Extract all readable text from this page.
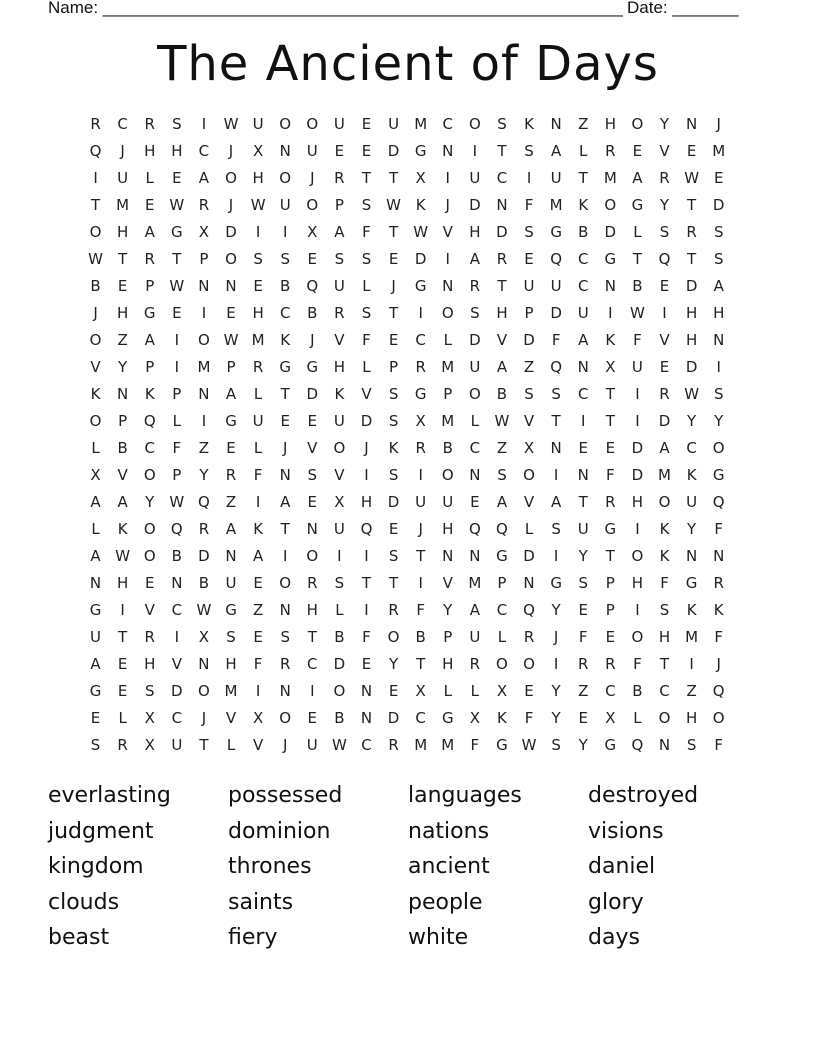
Name: _______________________________________________________ Date: _______
The Ancient of Days
R	C	R	S	I	W U	O	O	U	E	U	M	C	O	S	K	N	Z	H	O	Y	N	J
Q	J	H	H	C	J	X	N	U	E	E	D	G	N	I	T	S	A	L	R	E	V	E	M
I	U	L	E	A	O	H	O	J	R	T	T	X	I	U	C	I	U	T	M	A	R W E
T	M	E W R	J	W U	O	P	S W K	J	D	N	F	M	K	O	G	Y	T	D
O	H	A	G	X	D	I	I	X	A	F	T	W V	H	D	S	G	B	D	L	S	R	S
W	T	R	T	P	O	S	S	E	S	S	E	D	I	A	R	E	Q	C	G	T	Q	T	S
B	E	P	W N	N	E	B	Q	U	L	J	G	N	R	T	U	U	C	N	B	E	D	A
J	H	G	E	I	E	H	C	B	R	S	T	I	O	S	H	P	D	U	I	W	I	H	H
O	Z	A	I	O W M	K	J	V	F	E	C	L	D	V	D	F	A	K	F	V	H	N
V	Y	P	I	M	P	R	G	G	H	L	P	R	M	U	A	Z	Q	N	X	U	E	D	I
K	N	K	P	N	A	L	T	D	K	V	S	G	P	O	B	S	S	C	T	I	R W S
O	P	Q	L	I	G	U	E	E	U	D	S	X	M	L	W V	T	I	T	I	D	Y	Y
L	B	C	F	Z	E	L	J	V	O	J	K	R	B	C	Z	X	N	E	E	D	A	C	O
X	V	O	P	Y	R	F	N	S	V	I	S	I	O	N	S	O	I	N	F	D M	K	G
A	A	Y	W Q	Z	I	A	E	X	H	D	U	U	E	A	V	A	T	R	H	O	U	Q
L	K	O	Q	R	A	K	T	N	U	Q	E	J	H	Q	Q	L	S	U	G	I	K	Y	F
A W O	B	D	N	A	I	O	I	I	S	T	N	N	G	D	I	Y	T	O	K	N	N
N	H	E	N	B	U	E	O	R	S	T	T	I	V	M	P	N	G	S	P	H	F	G	R
G	I	V	C W G	Z	N	H	L	I	R	F	Y	A	C	Q	Y	E	P	I	S	K	K
U	T	R	I	X	S	E	S	T	B	F	O	B	P	U	L	R	J	F	E	O	H M	F
A	E	H	V	N	H	F	R	C	D	E	Y	T	H	R	O	O	I	R	R	F	T	I	J
G	E	S	D	O M	I	N	I	O	N	E	X	L	L	X	E	Y	Z	C	B	C	Z	Q
E	L	X	C	J	V	X	O	E	B	N	D	C	G	X	K	F	Y	E	X	L	O	H	O
S	R	X	U	T	L	V	J	U W C	R	M M	F	G W S	Y	G	Q	N	S	F
everlasting	possessed	languages	destroyed
judgment	dominion	nations	visions
kingdom	thrones	ancient	daniel
clouds	saints	people	glory
beast	fiery	white	days
